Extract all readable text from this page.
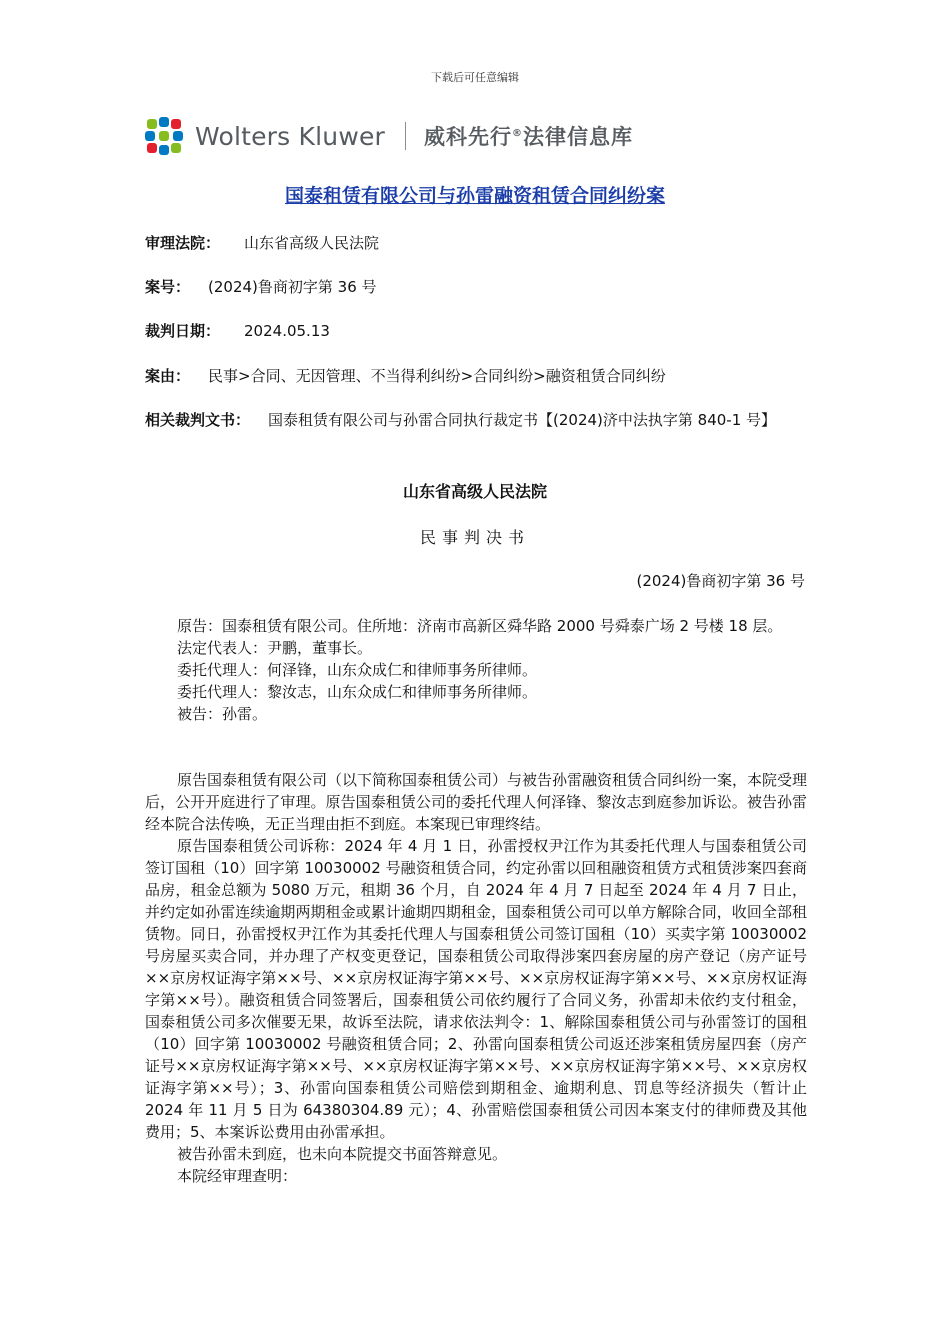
下载后可任意编辑
Wolters Kluwer 威科先行®法律信息库
国泰租赁有限公司与孙雷融资租赁合同纠纷案
审理法院： 山东省高级人民法院
案号： (2024)鲁商初字第 36 号
裁判日期： 2024.05.13
案由： 民事>合同、无因管理、不当得利纠纷>合同纠纷>融资租赁合同纠纷
相关裁判文书： 国泰租赁有限公司与孙雷合同执行裁定书【(2024)济中法执字第 840-1 号】
山东省高级人民法院
民事判决书
(2024)鲁商初字第 36 号

原告：国泰租赁有限公司。住所地：济南市高新区舜华路 2000 号舜泰广场 2 号楼 18 层。

法定代表人：尹鹏，董事长。

委托代理人：何泽锋，山东众成仁和律师事务所律师。

委托代理人：黎汝志，山东众成仁和律师事务所律师。

被告：孙雷。

原告国泰租赁有限公司（以下简称国泰租赁公司）与被告孙雷融资租赁合同纠纷一案，本院受理后，公开开庭进行了审理。原告国泰租赁公司的委托代理人何泽锋、黎汝志到庭参加诉讼。被告孙雷经本院合法传唤，无正当理由拒不到庭。本案现已审理终结。

原告国泰租赁公司诉称：2024 年 4 月 1 日，孙雷授权尹江作为其委托代理人与国泰租赁公司签订国租（10）回字第 10030002 号融资租赁合同，约定孙雷以回租融资租赁方式租赁涉案四套商品房，租金总额为 5080 万元，租期 36 个月，自 2024 年 4 月 7 日起至 2024 年 4 月 7 日止，并约定如孙雷连续逾期两期租金或累计逾期四期租金，国泰租赁公司可以单方解除合同，收回全部租赁物。同日，孙雷授权尹江作为其委托代理人与国泰租赁公司签订国租（10）买卖字第 10030002 号房屋买卖合同，并办理了产权变更登记，国泰租赁公司取得涉案四套房屋的房产登记（房产证号××京房权证海字第××号、××京房权证海字第××号、××京房权证海字第××号、××京房权证海字第××号）。融资租赁合同签署后，国泰租赁公司依约履行了合同义务，孙雷却未依约支付租金，国泰租赁公司多次催要无果，故诉至法院，请求依法判令：1、解除国泰租赁公司与孙雷签订的国租（10）回字第 10030002 号融资租赁合同；2、孙雷向国泰租赁公司返还涉案租赁房屋四套（房产证号××京房权证海字第××号、××京房权证海字第××号、××京房权证海字第××号、××京房权证海字第××号）；3、孙雷向国泰租赁公司赔偿到期租金、逾期利息、罚息等经济损失（暂计止 2024 年 11 月 5 日为 64380304.89 元）；4、孙雷赔偿国泰租赁公司因本案支付的律师费及其他费用；5、本案诉讼费用由孙雷承担。

被告孙雷未到庭，也未向本院提交书面答辩意见。

本院经审理查明：
